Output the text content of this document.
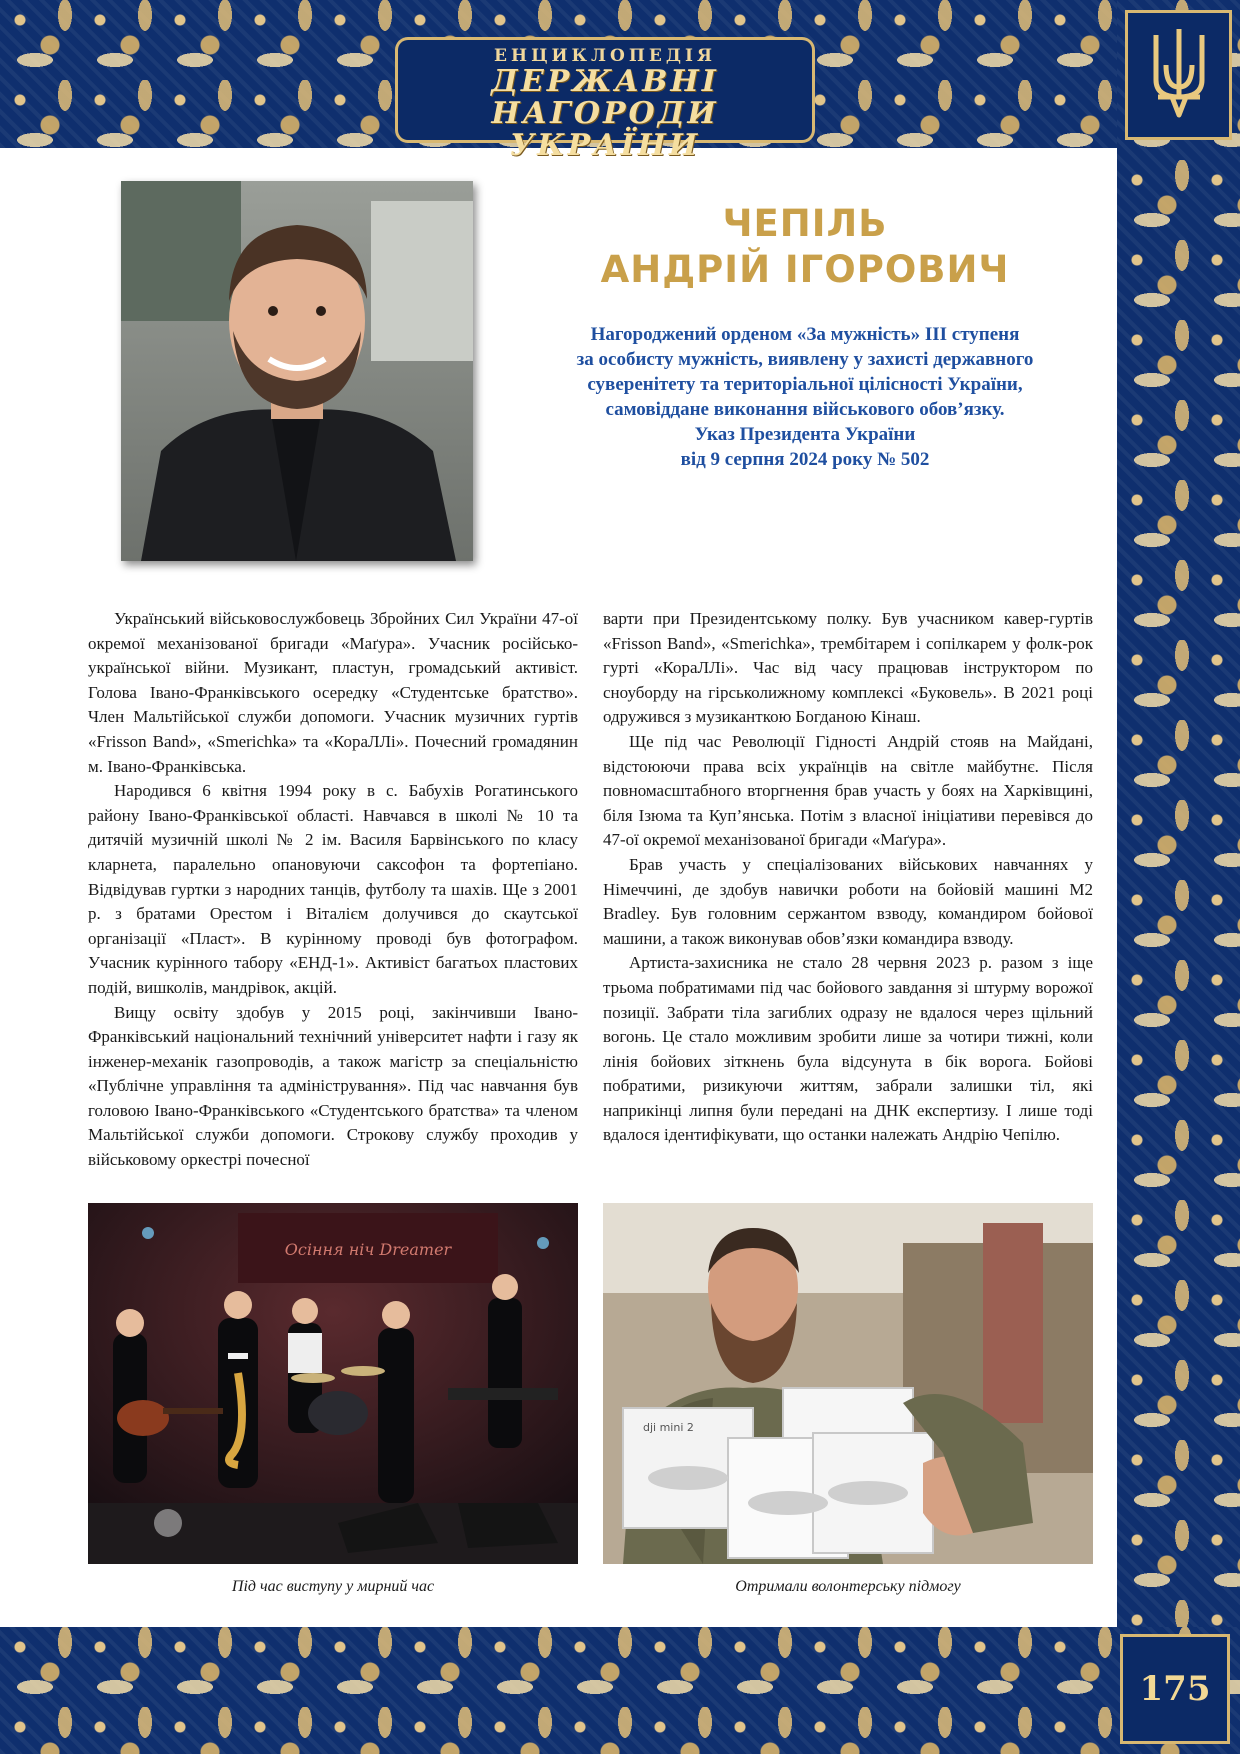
ЕНЦИКЛОПЕДІЯ
ДЕРЖАВНІ НАГОРОДИ
УКРАЇНИ
175
ЧЕПІЛЬ
АНДРІЙ ІГОРОВИЧ
Нагороджений орденом «За мужність» ІІІ ступеня
за особисту мужність, виявлену у захисті державного
суверенітету та територіальної цілісності України,
самовіддане виконання військового обов’язку.
Указ Президента України
від 9 серпня 2024 року № 502

Український військовослужбовець Збройних Сил України 47-ої окремої механізованої бригади «Маґура». Учасник російсько-української війни. Музикант, пластун, громадський активіст. Голова Івано-Франківського осередку «Студентське братство». Член Мальтійської служби допомоги. Учасник музичних гуртів «Frisson Band», «Smerichka» та «КораЛЛі». Почесний громадянин м. Івано-Франківська.

Народився 6 квітня 1994 року в с. Бабухів Рогатинського району Івано-Франківської області. Навчався в школі № 10 та дитячій музичній школі № 2 ім. Василя Барвінського по класу кларнета, паралельно опановуючи саксофон та фортепіано. Відвідував гуртки з народних танців, футболу та шахів. Ще з 2001 р. з братами Орестом і Віталієм долучився до скаутської організації «Пласт». В курінному проводі був фотографом. Учасник курінного табору «ЕНД-1». Активіст багатьох пластових подій, вишколів, мандрівок, акцій.

Вищу освіту здобув у 2015 році, закінчивши Івано-Франківський національний технічний університет нафти і газу як інженер-механік газопроводів, а також магістр за спеціальністю «Публічне управління та адміністрування». Під час навчання був головою Івано-Франківського «Студентського братства» та членом Мальтійської служби допомоги. Строкову службу проходив у військовому оркестрі почесної

варти при Президентському полку. Був учасником кавер-гуртів «Frisson Band», «Smerichka», трембітарем і сопілкарем у фолк-рок гурті «КораЛЛі». Час від часу працював інструктором по сноуборду на гірськолижному комплексі «Буковель». В 2021 році одружився з музиканткою Богданою Кінаш.

Ще під час Революції Гідності Андрій стояв на Майдані, відстоюючи права всіх українців на світле майбутнє. Після повномасштабного вторгнення брав участь у боях на Харківщині, біля Ізюма та Куп’янська. Потім з власної ініціативи перевівся до 47-ої окремої механізованої бригади «Маґура».

Брав участь у спеціалізованих військових навчаннях у Німеччині, де здобув навички роботи на бойовій машині M2 Bradley. Був головним сержантом взводу, командиром бойової машини, а також виконував обов’язки командира взводу.

Артиста-захисника не стало 28 червня 2023 р. разом з іще трьома побратимами під час бойового завдання зі штурму ворожої позиції. Забрати тіла загиблих одразу не вдалося через щільний вогонь. Це стало можливим зробити лише за чотири тижні, коли лінія бойових зіткнень була відсунута в бік ворога. Бойові побратими, ризикуючи життям, забрали залишки тіл, які наприкінці липня були передані на ДНК експертизу. І лише тоді вдалося ідентифікувати, що останки належать Андрію Чепілю.

Осіння ніч Dreamer
dji mini 2
Під час виступу у мирний час	Отримали волонтерську підмогу
